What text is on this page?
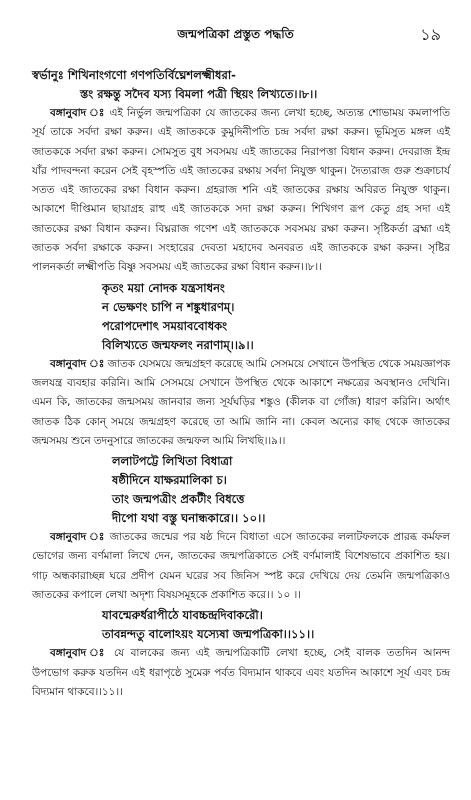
জন্মপত্রিকা প্রস্তুত পদ্ধতি	১৯

স্বর্ভানুঃ শিখিনাংগণো গণপতির্বিঘ্নেশলক্ষ্মীধরা-

স্তং রক্ষন্তু সদৈব যস্য বিমলা পত্রী স্থিয়ং লিখ্যতে।।৮।।

বঙ্গানুবাদ ঃ এই নির্ভুল জন্মপত্রিকা যে জাতকের জন্য লেখা হচ্ছে, অত্যন্ত শোভাময় কমলাপতি সূর্য তাকে সর্বদা রক্ষা করুন। এই জাতককে কুমুদিনীপতি চন্দ্র সর্বদা রক্ষা করুন। ভূমিসুত মঙ্গল এই জাতককে সর্বদা রক্ষা করুন। সোমসুত বুধ সবসময় এই জাতকের নিরাপত্তা বিধান করুন। দেবরাজ ইন্দ্র যাঁর পাদবন্দনা করেন সেই বৃহস্পতি এই জাতকের রক্ষায় সর্বদা নিযুক্ত থাকুন। দৈত্যরাজ গুরু শুক্রাচার্য সতত এই জাতকের রক্ষা বিধান করুন। গ্রহরাজ শনি এই জাতকের রক্ষায় অবিরত নিযুক্ত থাকুন। আকাশে দীপ্তিমান ছায়াগ্রহ রাহু এই জাতককে সদা রক্ষা করুন। শিখিগণ রূপ কেতু গ্রহ সদা এই জাতকের রক্ষা বিধান করুন। বিঘ্নরাজ গণেশ এই জাতককে সবসময় রক্ষা করুন। সৃষ্টিকর্তা ব্রহ্মা এই জাতক সর্বদা রক্ষাকে করুন। সংহারের দেবতা মহাদেব অনবরত এই জাতককে রক্ষা করুন। সৃষ্টির পালনকর্তা লক্ষ্মীপতি বিষ্ণু সবসময় এই জাতকের রক্ষা বিধান করুন।।৮।।

কৃতং ময়া নোদক যন্ত্রসাধনং

ন ভেক্ষণং চাপি ন শঙ্কুধারণম্।

পরোপদেশাৎ সময়াববোধকং

বিলিখ্যতে জন্মফলং নরাণাম্।।৯।।

বঙ্গানুবাদ ঃ জাতক যেসময়ে জন্মগ্রহণ করেছে আমি সেসময়ে সেখানে উপস্থিত থেকে সময়জ্ঞাপক জলযন্ত্র ব্যবহার করিনি। আমি সেসময়ে সেখানে উপস্থিত থেকে আকাশে নক্ষত্রের অবস্থানও দেখিনি। এমন কি, জাতকের জন্মসময় জানবার জন্য সূর্যঘড়ির শঙ্কুও (কীলক বা গোঁজ) ধারণ করিনি। অর্থাৎ জাতক ঠিক কোন্ সময়ে জন্মগ্রহণ করেছে তা আমি জানি না। কেবল অন্যের কাছ থেকে জাতকের জন্মসময় শুনে তদনুসারে জাতকের জন্মফল আমি লিখছি।।৯।।

ললাটপট্টে লিখিতা বিধাত্রা

ষষ্ঠীদিনে যাক্ষরমালিকা চ।

তাং জন্মপত্রীং প্রকটীং বিধত্তে

দীপো যথা বস্তু ঘনান্ধকারে।। ১০।।

বঙ্গানুবাদ ঃ জাতকের জন্মের পর ষষ্ঠ দিনে বিধাতা এসে জাতকের ললাটফলকে প্রারব্ধ কর্মফল ভোগের জন্য বর্ণমালা লিখে দেন, জাতকের জন্মপত্রিকাতে সেই বর্ণমালাই বিশেষভাবে প্রকাশিত হয়। গাঢ় অন্ধকারাচ্ছন্ন ঘরে প্রদীপ যেমন ঘরের সব জিনিস স্পষ্ট করে দেখিয়ে দেয় তেমনি জন্মপত্রিকাও জাতকের কপালে লেখা অদৃশ্য বিষয়সমূহকে প্রকাশিত করে।। ১০ ।।

যাবন্মেরুর্ধরাপীঠে যাবচ্চন্দ্রদিবাকরৌ।

তাবন্নন্দতু বালোঽয়ং যস্যেষা জন্মপত্রিকা।।১১।।

বঙ্গানুবাদ ঃ যে বালকের জন্য এই জন্মপত্রিকাটি লেখা হচ্ছে, সেই বালক ততদিন আনন্দ উপভোগ করুক যতদিন এই ধরাপৃষ্ঠে সুমেরু পর্বত বিদ্যমান থাকবে এবং যতদিন আকাশে সূর্য এবং চন্দ্র বিদ্যমান থাকবে।।১১।।
